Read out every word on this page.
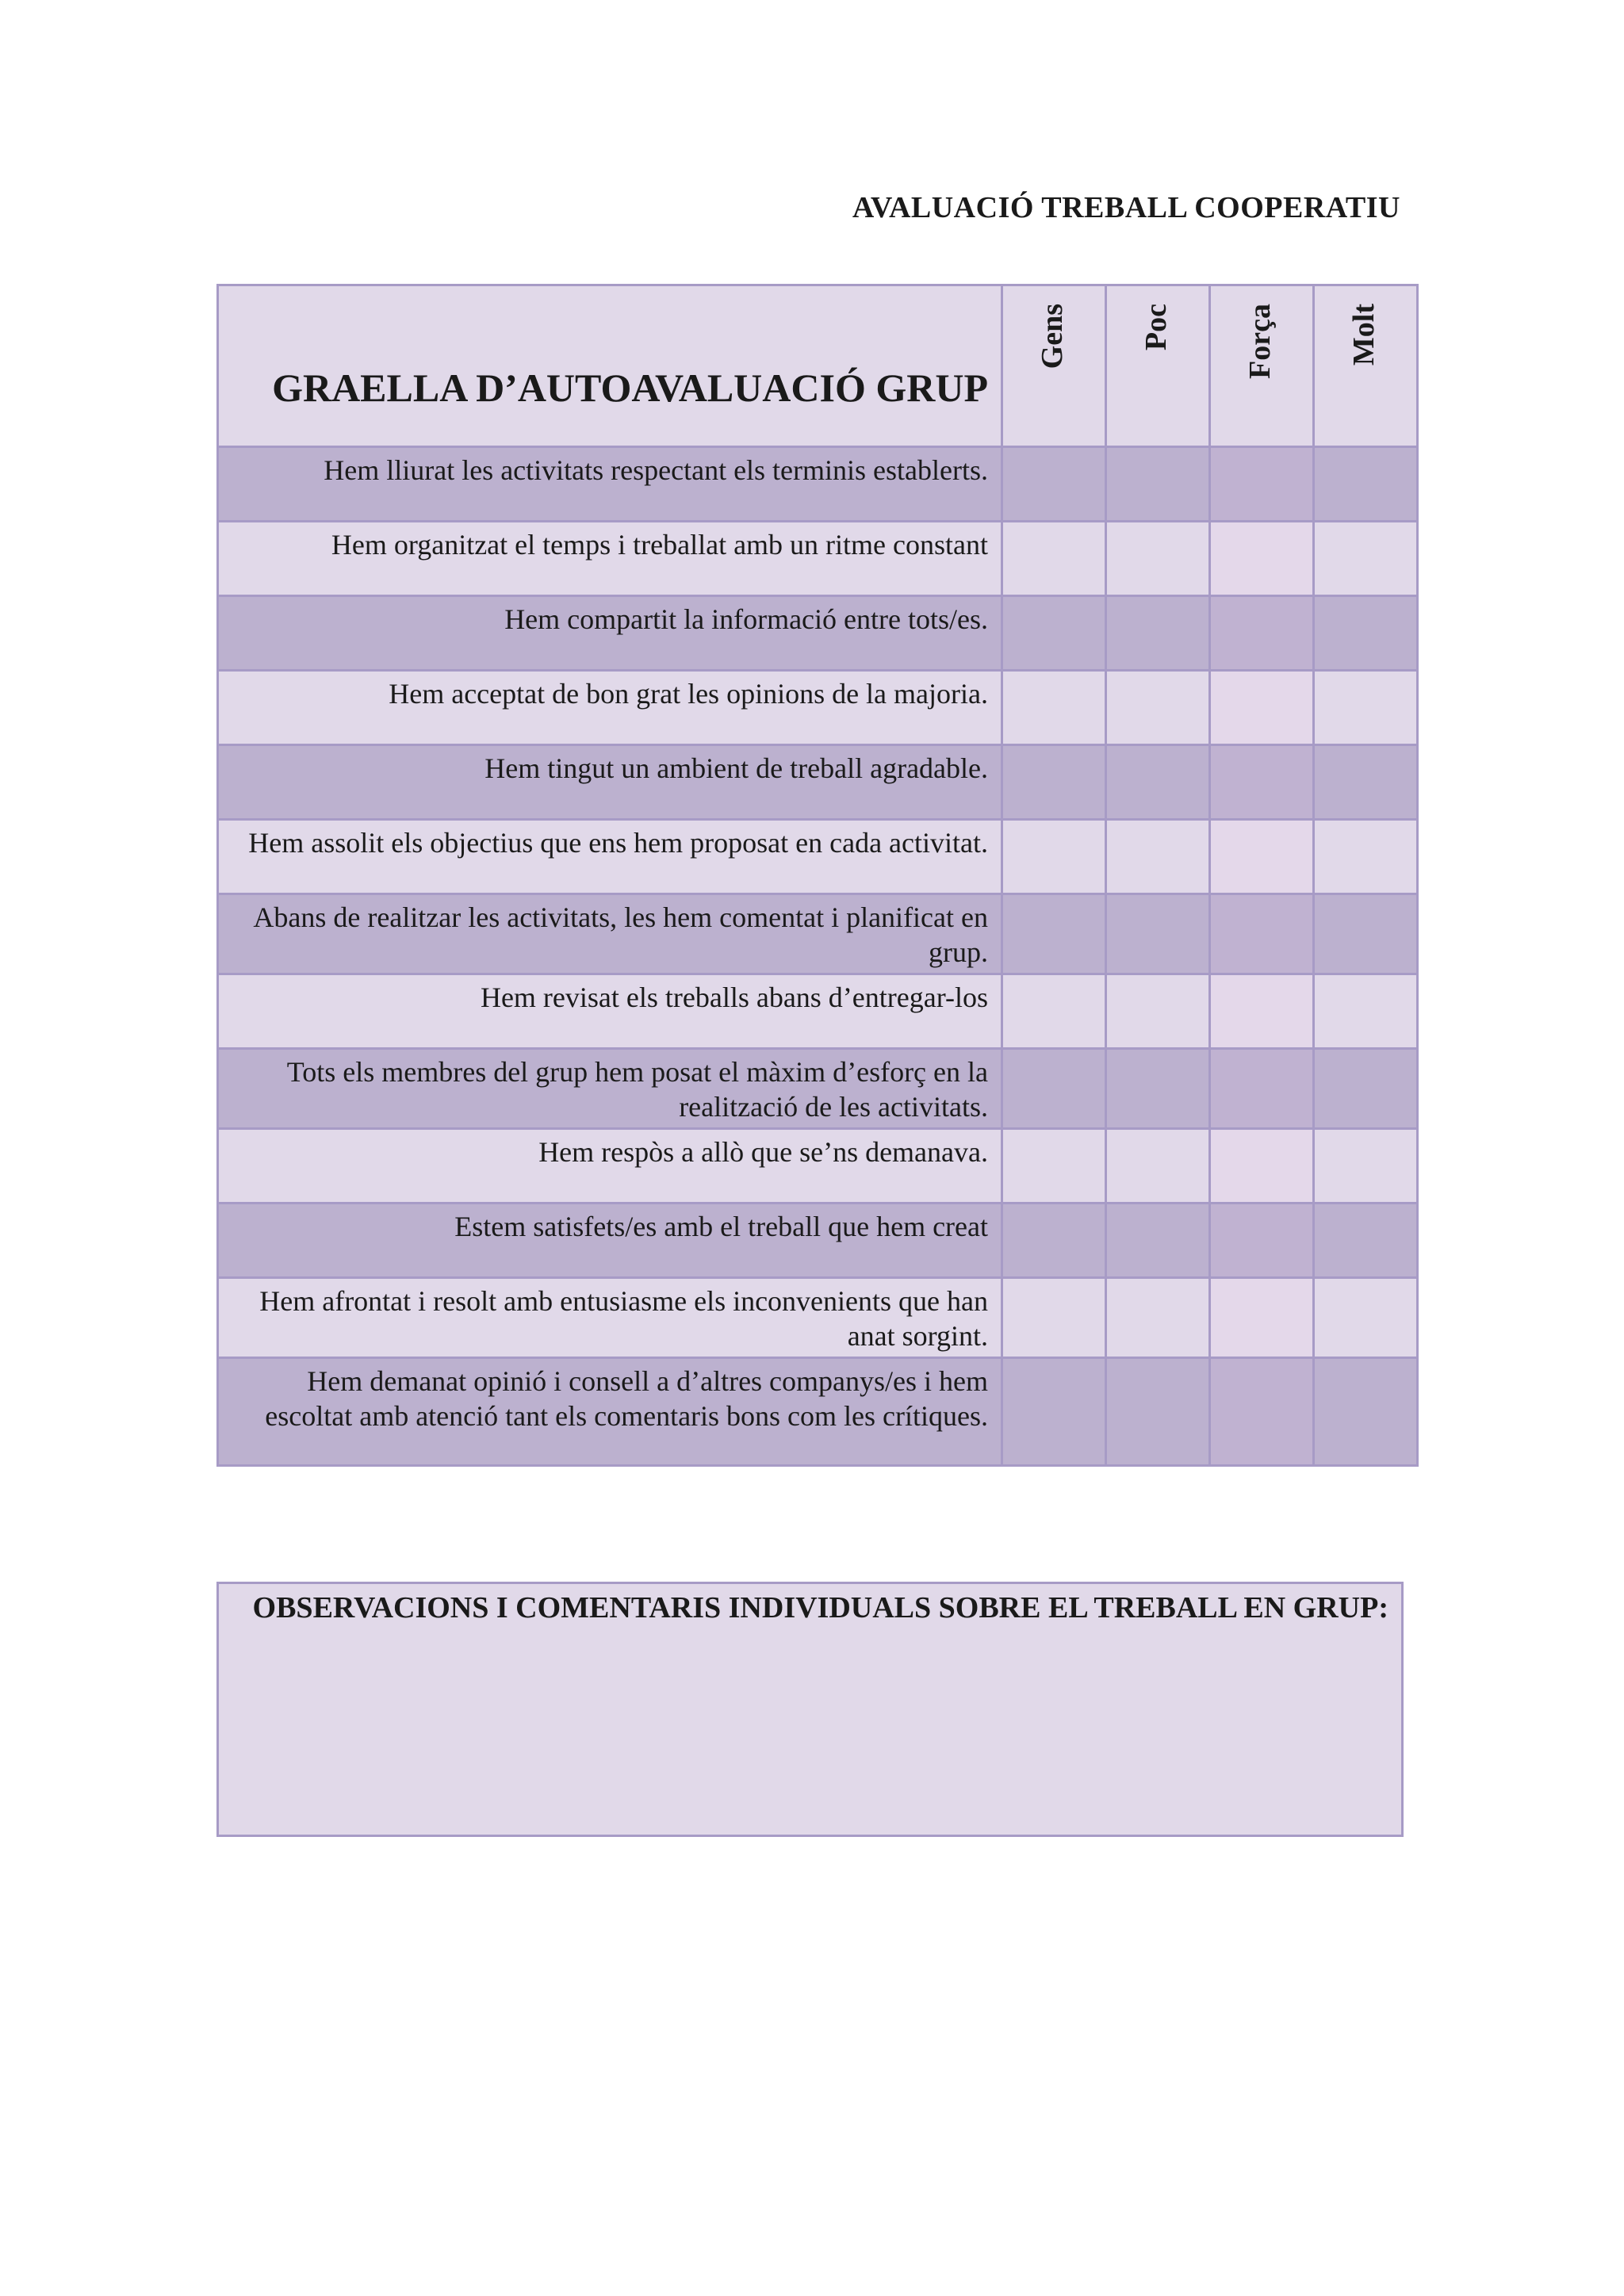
AVALUACIÓ TREBALL COOPERATIU
GRAELLA D’AUTOAVALUACIÓ GRUP	Gens	Poc	Força	Molt

Hem lliurat les activitats respectant els terminis establerts.				
Hem organitzat el temps i treballat amb un ritme constant				
Hem compartit la informació entre tots/es.				
Hem acceptat de bon grat les opinions de la majoria.				
Hem tingut un ambient de treball agradable.				
Hem assolit els objectius que ens hem proposat en cada activitat.				
Abans de realitzar les activitats, les hem comentat i planificat en grup.				
Hem revisat els treballs abans d’entregar-los				
Tots els membres del grup hem posat el màxim d’esforç en la realització de les activitats.				
Hem respòs a allò que se’ns demanava.				
Estem satisfets/es amb el treball que hem creat				
Hem afrontat i resolt amb entusiasme els inconvenients que han anat sorgint.				
Hem demanat opinió i consell a d’altres companys/es i hem escoltat amb atenció tant els comentaris bons com les crítiques.				
OBSERVACIONS I COMENTARIS INDIVIDUALS SOBRE EL TREBALL EN GRUP:
